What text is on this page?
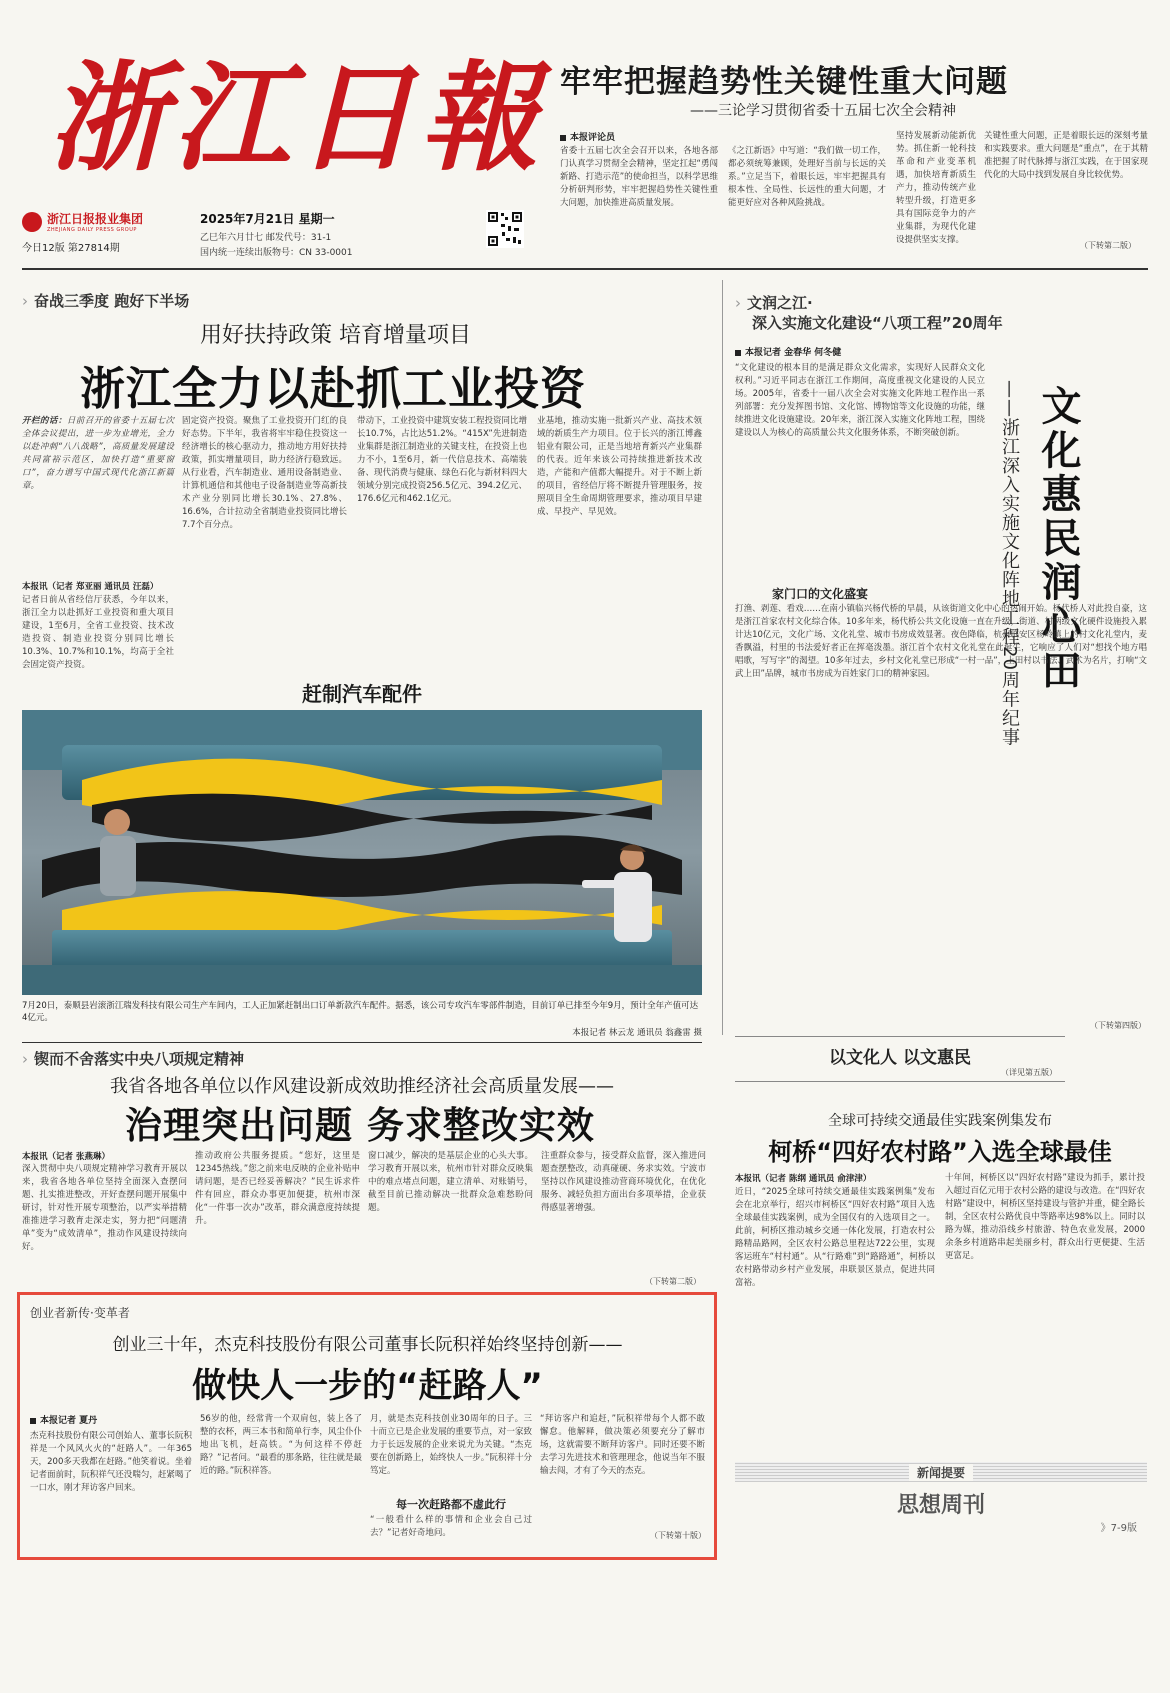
浙江日報
浙江日报报业集团
ZHEJIANG DAILY PRESS GROUP
今日12版 第27814期
2025年7月21日 星期一
乙巳年六月廿七 邮发代号：31-1
国内统一连续出版物号：CN 33-0001
牢牢把握趋势性关键性重大问题
——三论学习贯彻省委十五届七次全会精神
本报评论员
省委十五届七次全会召开以来，各地各部门认真学习贯彻全会精神，坚定扛起“勇闯新路、打造示范”的使命担当，以科学思维分析研判形势，牢牢把握趋势性关键性重大问题，加快推进高质量发展。
《之江新语》中写道：“我们做一切工作，都必须统筹兼顾，处理好当前与长远的关系。”立足当下，着眼长远，牢牢把握具有根本性、全局性、长远性的重大问题，才能更好应对各种风险挑战。
坚持发展新动能新优势。抓住新一轮科技革命和产业变革机遇，加快培育新质生产力，推动传统产业转型升级，打造更多具有国际竞争力的产业集群，为现代化建设提供坚实支撑。
关键性重大问题，正是着眼长远的深刻考量和实践要求。重大问题是“重点”，在于其精准把握了时代脉搏与浙江实践，在于国家现代化的大局中找到发展自身比较优势。
（下转第二版）
› 奋战三季度 跑好下半场
用好扶持政策 培育增量项目
浙江全力以赴抓工业投资
开栏的话：日前召开的省委十五届七次全体会议提出，进一步为业增光，全力以赴冲刺“八八战略”，高质量发展建设共同富裕示范区，加快打造“重要窗口”，奋力谱写中国式现代化浙江新篇章。
本报讯（记者 郑亚丽 通讯员 汪磊）
记者日前从省经信厅获悉，今年以来，浙江全力以赴抓好工业投资和重大项目建设，1至6月，全省工业投资、技术改造投资、制造业投资分别同比增长10.3%、10.7%和10.1%，均高于全社会固定资产投资。
固定资产投资。聚焦了工业投资开门红的良好态势。下半年，我省将牢牢稳住投资这一经济增长的核心驱动力，推动地方用好扶持政策，抓实增量项目，助力经济行稳致远。从行业看，汽车制造业、通用设备制造业、计算机通信和其他电子设备制造业等高新技术产业分别同比增长30.1%、27.8%、16.6%，合计拉动全省制造业投资同比增长7.7个百分点。
带动下，工业投资中建筑安装工程投资同比增长10.7%，占比达51.2%。“415X”先进制造业集群是浙江制造业的关键支柱，在投资上也力不小，1至6月，新一代信息技术、高端装备、现代消费与健康、绿色石化与新材料四大领域分别完成投资256.5亿元、394.2亿元、176.6亿元和462.1亿元。
业基地，推动实施一批新兴产业、高技术领域的新质生产力项目。位于长兴的浙江博鑫铝业有限公司，正是当地培育新兴产业集群的代表。近年来该公司持续推进新技术改造，产能和产值都大幅提升。对于不断上新的项目，省经信厅将不断提升管理服务，按照项目全生命周期管理要求，推动项目早建成、早投产、早见效。
赶制汽车配件
7月20日，泰顺县岩滚浙江瑞发科技有限公司生产车间内，工人正加紧赶制出口订单新款汽车配件。据悉，该公司专攻汽车零部件制造，目前订单已排至今年9月，预计全年产值可达4亿元。
本报记者 林云龙 通讯员 翁鑫雷 摄
› 文润之江·
深入实施文化建设“八项工程”20周年
本报记者 金春华 何冬健
“文化建设的根本目的是满足群众文化需求，实现好人民群众文化权利。”习近平同志在浙江工作期间，高度重视文化建设的人民立场。2005年，省委十一届八次全会对实施文化阵地工程作出一系列部署：充分发挥图书馆、文化馆、博物馆等文化设施的功能，继续推进文化设施建设。20年来，浙江深入实施文化阵地工程，围绕建设以人为核心的高质量公共文化服务体系，不断突破创新。	文化惠民润心田
——浙江深入实施文化阵地工程20周年纪事
家门口的文化盛宴
打渔、剥莲、看戏……在南小镇临兴杨代桥的早晨，从该街道文化中心的热闹开始。杨代桥人对此投自豪，这是浙江首家农村文化综合体。10多年来，杨代桥公共文化设施一直在升级，街道、村两级文化硬件设施投入累计达10亿元，文化广场、文化礼堂、城市书房成效显著。夜色降临，杭州临安区杨岭镇上的村文化礼堂内，麦香飘溢，村里的书法爱好者正在挥毫泼墨。浙江首个农村文化礼堂在此诞生，它响应了人们对“想找个地方唱唱歌，写写字”的渴望。10多年过去，乡村文化礼堂已形成“一村一品”，上田村以书法、武术为名片，打响“文武上田”品牌，城市书房成为百姓家门口的精神家园。
（下转第四版）
以文化人 以文惠民
（详见第五版）
› 锲而不舍落实中央八项规定精神
我省各地各单位以作风建设新成效助推经济社会高质量发展——
治理突出问题 务求整改实效
本报讯（记者 张燕琳）
深入贯彻中央八项规定精神学习教育开展以来，我省各地各单位坚持全面深入查摆问题、扎实推进整改，开好查摆问题开展集中研讨，针对性开展专项整治，以严实举措精准推进学习教育走深走实，努力把“问题清单”变为“成效清单”，推动作风建设持续向好。
推动政府公共服务提质。“您好，这里是12345热线。”您之前来电反映的企业补贴申请问题，是否已经妥善解决？”民生诉求件件有回应，群众办事更加便捷，杭州市深化“一件事一次办”改革，群众满意度持续提升。
窗口减少，解决的是基层企业的心头大事。学习教育开展以来，杭州市针对群众反映集中的难点堵点问题，建立清单、对账销号，截至目前已推动解决一批群众急难愁盼问题。
注重群众参与，接受群众监督，深入推进问题查摆整改，动真碰硬、务求实效。宁波市坚持以作风建设推动营商环境优化，在优化服务、减轻负担方面出台多项举措，企业获得感显著增强。
（下转第二版）
全球可持续交通最佳实践案例集发布
柯桥“四好农村路”入选全球最佳
本报讯（记者 陈纲 通讯员 俞津津）
近日，“2025全球可持续交通最佳实践案例集”发布会在北京举行，绍兴市柯桥区“四好农村路”项目入选全球最佳实践案例，成为全国仅有的入选项目之一。此前，柯桥区推动城乡交通一体化发展，打造农村公路精品路网，全区农村公路总里程达722公里，实现客运班车“村村通”。从“行路难”到“路路通”，柯桥以农村路带动乡村产业发展，串联景区景点，促进共同富裕。
十年间，柯桥区以“四好农村路”建设为抓手，累计投入超过百亿元用于农村公路的建设与改造。在“四好农村路”建设中，柯桥区坚持建设与管护并重，健全路长制，全区农村公路优良中等路率达98%以上。同时以路为媒，推动沿线乡村旅游、特色农业发展，2000余条乡村道路串起美丽乡村，群众出行更便捷、生活更富足。
新闻提要
思想周刊
》7-9版
创业者新传·变革者
创业三十年，杰克科技股份有限公司董事长阮积祥始终坚持创新——
做快人一步的“赶路人”
本报记者 夏丹
杰克科技股份有限公司创始人、董事长阮积祥是一个风风火火的“赶路人”。一年365天，200多天我都在赶路。”他笑着说。坐着记者面前时，阮积祥气还没喘匀，赶紧喝了一口水，刚才拜访客户回来。
56岁的他，经常背一个双肩包，装上各了整的衣杯，两三本书和简单行李，风尘仆仆地出飞机，赶高铁。“为何这样不停赶路？”记者问。“最看的那条路，往往就是最近的路。”阮积祥答。
月，就是杰克科技创业30周年的日子。三十而立已是企业发展的重要节点，对一家致力于长远发展的企业来说尤为关键。“杰克要在创新路上，始终快人一步。”阮积祥十分笃定。
每一次赶路都不虚此行
“一般看什么样的事情和企业会自己过去？”记者好奇地问。
“拜访客户和追赶，”阮积祥带每个人都不敢懈怠。他解释，做决策必须要充分了解市场，这就需要不断拜访客户。同时还要不断去学习先进技术和管理理念，他说当年不服输去闯，才有了今天的杰克。
（下转第十版）
